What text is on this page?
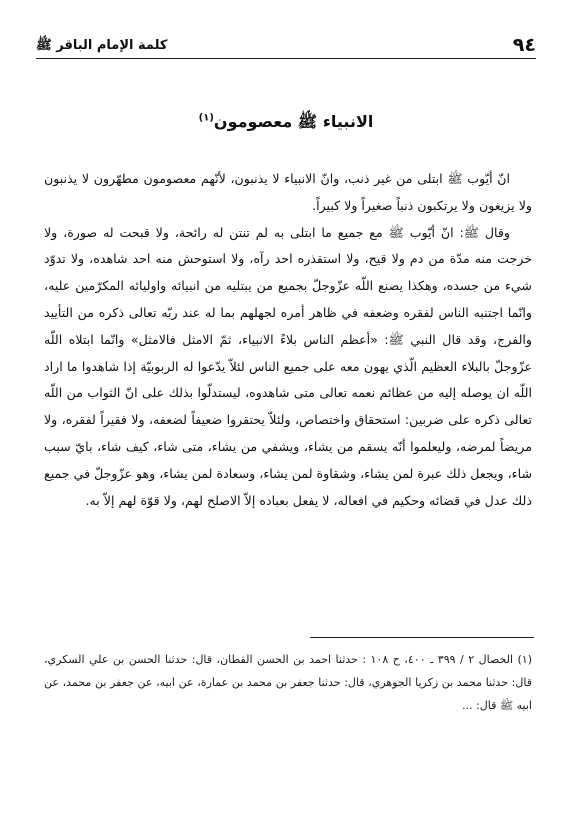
٩٤
كلمة الإمام الباقر ﷺ
الانبياء ﷺ معصومون$^{(١)}$

انّ أيّوب ﷺ ابتلى من غير ذنب، وانّ الانبياء لا يذنبون، لأنّهم معصومون مطهّرون لا يذنبون ولا يزيغون ولا يرتكبون ذنباً صغيراً ولا كبيراً.

وقال ﷺ: انّ أيّوب ﷺ مع جميع ما ابتلى به لم تنتن له رائحة، ولا قبحت له صورة، ولا خرجت منه مدّة من دم ولا قيح، ولا استقذره احد رآه، ولا استوحش منه احد شاهده، ولا تدوّد شيء من جسده، وهكذا يصنع اللّه عزّوجلّ بجميع من يبتليه من انبيائه واوليائه المكرّمين عليه، وانّما اجتنبه الناس لفقره وضعفه في ظاهر أمره لجهلهم بما له عند ربّه تعالى ذكره من التأييد والفرج، وقد قال النبي ﷺ: «أعظم الناس بلاءً الانبياء، ثمّ الامثل فالامثل» وانّما ابتلاه اللّه عزّوجلّ بالبلاء العظيم الّذي يهون معه على جميع الناس لئلاّ يدّعوا له الربوبيّة إذا شاهدوا ما اراد اللّه ان يوصله إليه من عظائم نعمه تعالى متى شاهدوه، ليستدلّوا بذلك على انّ الثواب من اللّه تعالى ذكره على ضربين: استحقاق واختصاص، ولئلاّ يحتقروا ضعيفاً لضعفه، ولا فقيراً لفقره، ولا مريضاً لمرضه، وليعلموا أنّه يسقم من يشاء، ويشفي من يشاء، متى شاء، كيف شاء، بايّ سبب شاء، ويجعل ذلك عبرة لمن يشاء، وشقاوة لمن يشاء، وسعادة لمن يشاء، وهو عزّوجلّ في جميع ذلك عدل في قضائه وحكيم في افعاله، لا يفعل بعباده إلاّ الاصلح لهم، ولا قوّة لهم إلاّ به.

(١) الخصال ٢ / ٣٩٩ ـ ٤٠٠، ح ١٠٨ : حدثنا احمد بن الحسن القطان، قال: حدثنا الحسن بن علي السكري، قال: حدثنا محمد بن زكريا الجوهري، قال: حدثنا جعفر بن محمد بن عمارة، عن ابيه، عن جعفر بن محمد، عن ابيه ﷺ قال: ...
